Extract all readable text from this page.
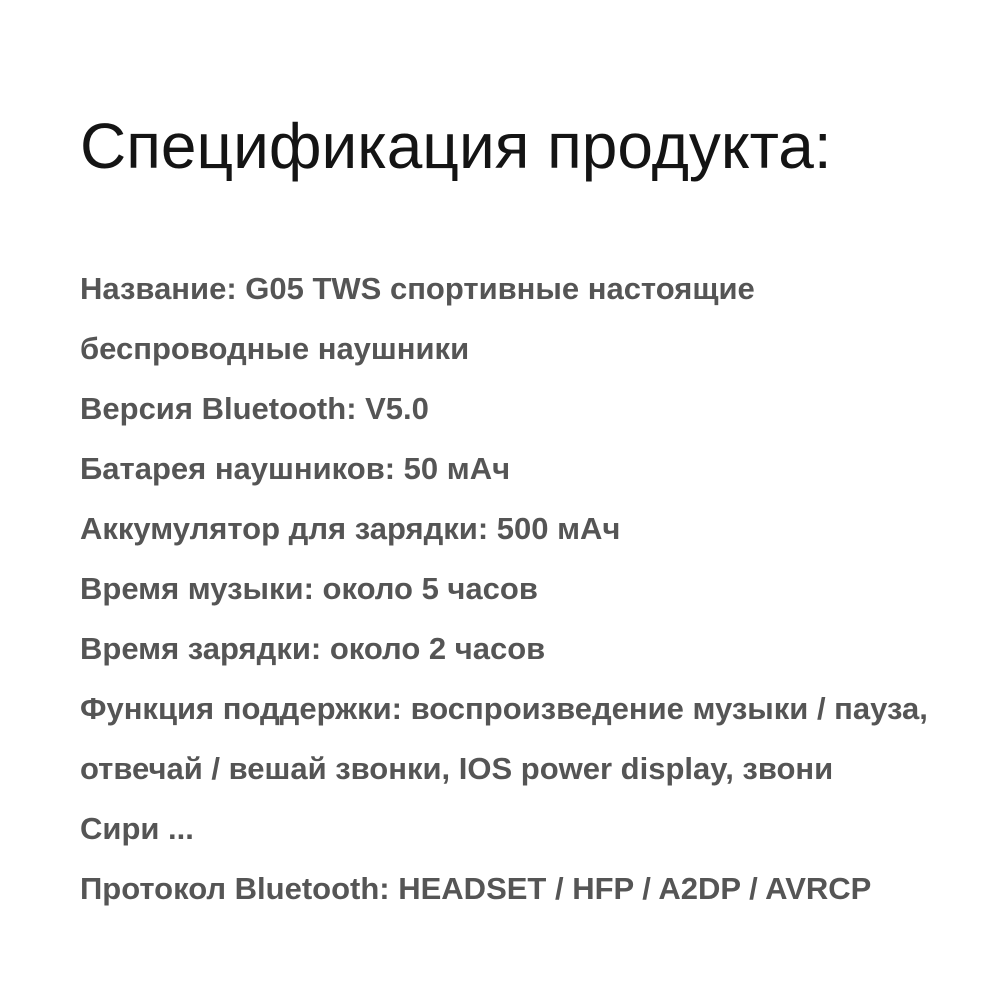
Спецификация продукта:
Название: G05 TWS спортивные настоящие
беспроводные наушники
Версия Bluetooth: V5.0
Батарея наушников: 50 мАч
Аккумулятор для зарядки: 500 мАч
Время музыки: около 5 часов
Время зарядки: около 2 часов
Функция поддержки: воспроизведение музыки / пауза,
отвечай / вешай звонки, IOS power display, звони
Сири ...
Протокол Bluetooth: HEADSET / HFP / A2DP / AVRCP
